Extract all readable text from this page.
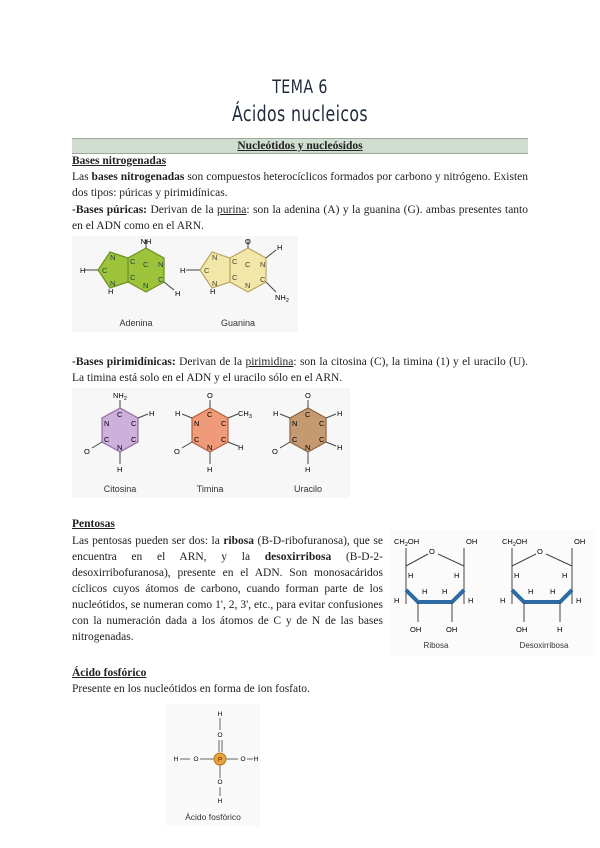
TEMA 6
Ácidos nucleicos
Nucleótidos y nucleósidos
Bases nitrogenadas
Las bases nitrogenadas son compuestos heterocíclicos formados por carbono y nitrógeno. Existen dos tipos: púricas y pirimidínicas.
-Bases púricas: Derivan de la purina: son la adenina (A) y la guanina (G). ambas presentes tanto en el ADN como en el ARN.
NH
H
H
H
C N
C
N
C
C
N
C
N
Adenina
O
H
H
$NH_2$
H
C N
C
N
C
C
N
C
N
Guanina
-Bases pirimidínicas: Derivan de la pirimidina: son la citosina (C), la timina (1) y el uracilo (U). La timina está solo en el ADN y el uracilo sólo en el ARN.
$NH_2$
H
O
H
C
C
C
N
C
N
Citosina
O
$CH_3$
H
H
O
H
C
C
C
N
C
N
Timina
O
H
H
H
O
H
C
C
C
N
C
N
Uracilo
Pentosas
Las pentosas pueden ser dos: la ribosa (Β-D-ribofuranosa), que se encuentra en el ARN, y la desoxirribosa (Β-D-2-desoxirribofuranosa), presente en el ADN. Son monosacáridos cíclicos cuyos átomos de carbono, cuando forman parte de los nucleótidos, se numeran como 1', 2, 3', etc., para evitar confusiones con la numeración dada a los átomos de C y de N de las bases nitrogenadas.
$CH_2OH$
O
OH
H	H
H	H
H H
OH	OH
Ribosa
$CH_2OH$
O
OH
H	H
H	H
H H
OH	H
Desoxirribosa
Ácido fosfórico
Presente en los nucleótidos en forma de ion fosfato.
H
O
H O	P	O H
O
H
Ácido fosfórico
